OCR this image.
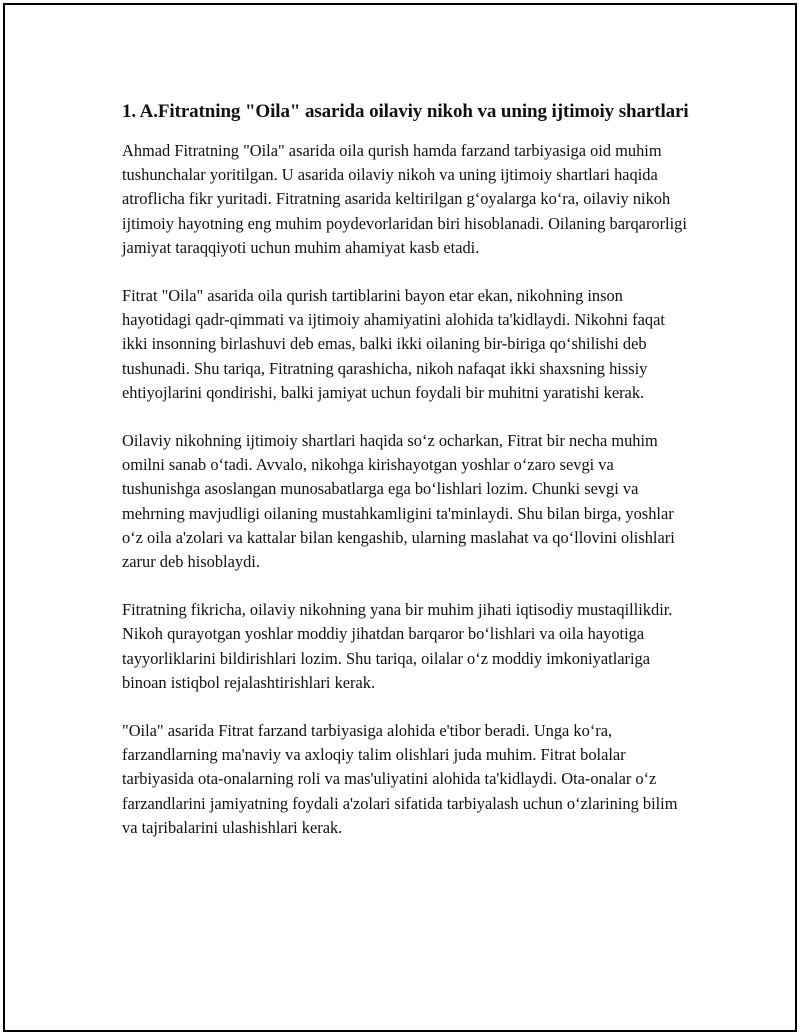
1. A.Fitratning "Oila" asarida oilaviy nikoh va uning ijtimoiy shartlari

Ahmad Fitratning "Oila" asarida oila qurish hamda farzand tarbiyasiga oid muhim tushunchalar yoritilgan. U asarida oilaviy nikoh va uning ijtimoiy shartlari haqida atroflicha fikr yuritadi. Fitratning asarida keltirilgan g‘oyalarga ko‘ra, oilaviy nikoh ijtimoiy hayotning eng muhim poydevorlaridan biri hisoblanadi. Oilaning barqarorligi jamiyat taraqqiyoti uchun muhim ahamiyat kasb etadi.

Fitrat "Oila" asarida oila qurish tartiblarini bayon etar ekan, nikohning inson hayotidagi qadr-qimmati va ijtimoiy ahamiyatini alohida ta'kidlaydi. Nikohni faqat ikki insonning birlashuvi deb emas, balki ikki oilaning bir-biriga qo‘shilishi deb tushunadi. Shu tariqa, Fitratning qarashicha, nikoh nafaqat ikki shaxsning hissiy ehtiyojlarini qondirishi, balki jamiyat uchun foydali bir muhitni yaratishi kerak.

Oilaviy nikohning ijtimoiy shartlari haqida so‘z ocharkan, Fitrat bir necha muhim omilni sanab o‘tadi. Avvalo, nikohga kirishayotgan yoshlar o‘zaro sevgi va tushunishga asoslangan munosabatlarga ega bo‘lishlari lozim. Chunki sevgi va mehrning mavjudligi oilaning mustahkamligini ta'minlaydi. Shu bilan birga, yoshlar o‘z oila a'zolari va kattalar bilan kengashib, ularning maslahat va qo‘llovini olishlari zarur deb hisoblaydi.

Fitratning fikricha, oilaviy nikohning yana bir muhim jihati iqtisodiy mustaqillikdir. Nikoh qurayotgan yoshlar moddiy jihatdan barqaror bo‘lishlari va oila hayotiga tayyorliklarini bildirishlari lozim. Shu tariqa, oilalar o‘z moddiy imkoniyatlariga binoan istiqbol rejalashtirishlari kerak.

"Oila" asarida Fitrat farzand tarbiyasiga alohida e'tibor beradi. Unga ko‘ra, farzandlarning ma'naviy va axloqiy talim olishlari juda muhim. Fitrat bolalar tarbiyasida ota-onalarning roli va mas'uliyatini alohida ta'kidlaydi. Ota-onalar o‘z farzandlarini jamiyatning foydali a'zolari sifatida tarbiyalash uchun o‘zlarining bilim va tajribalarini ulashishlari kerak.
